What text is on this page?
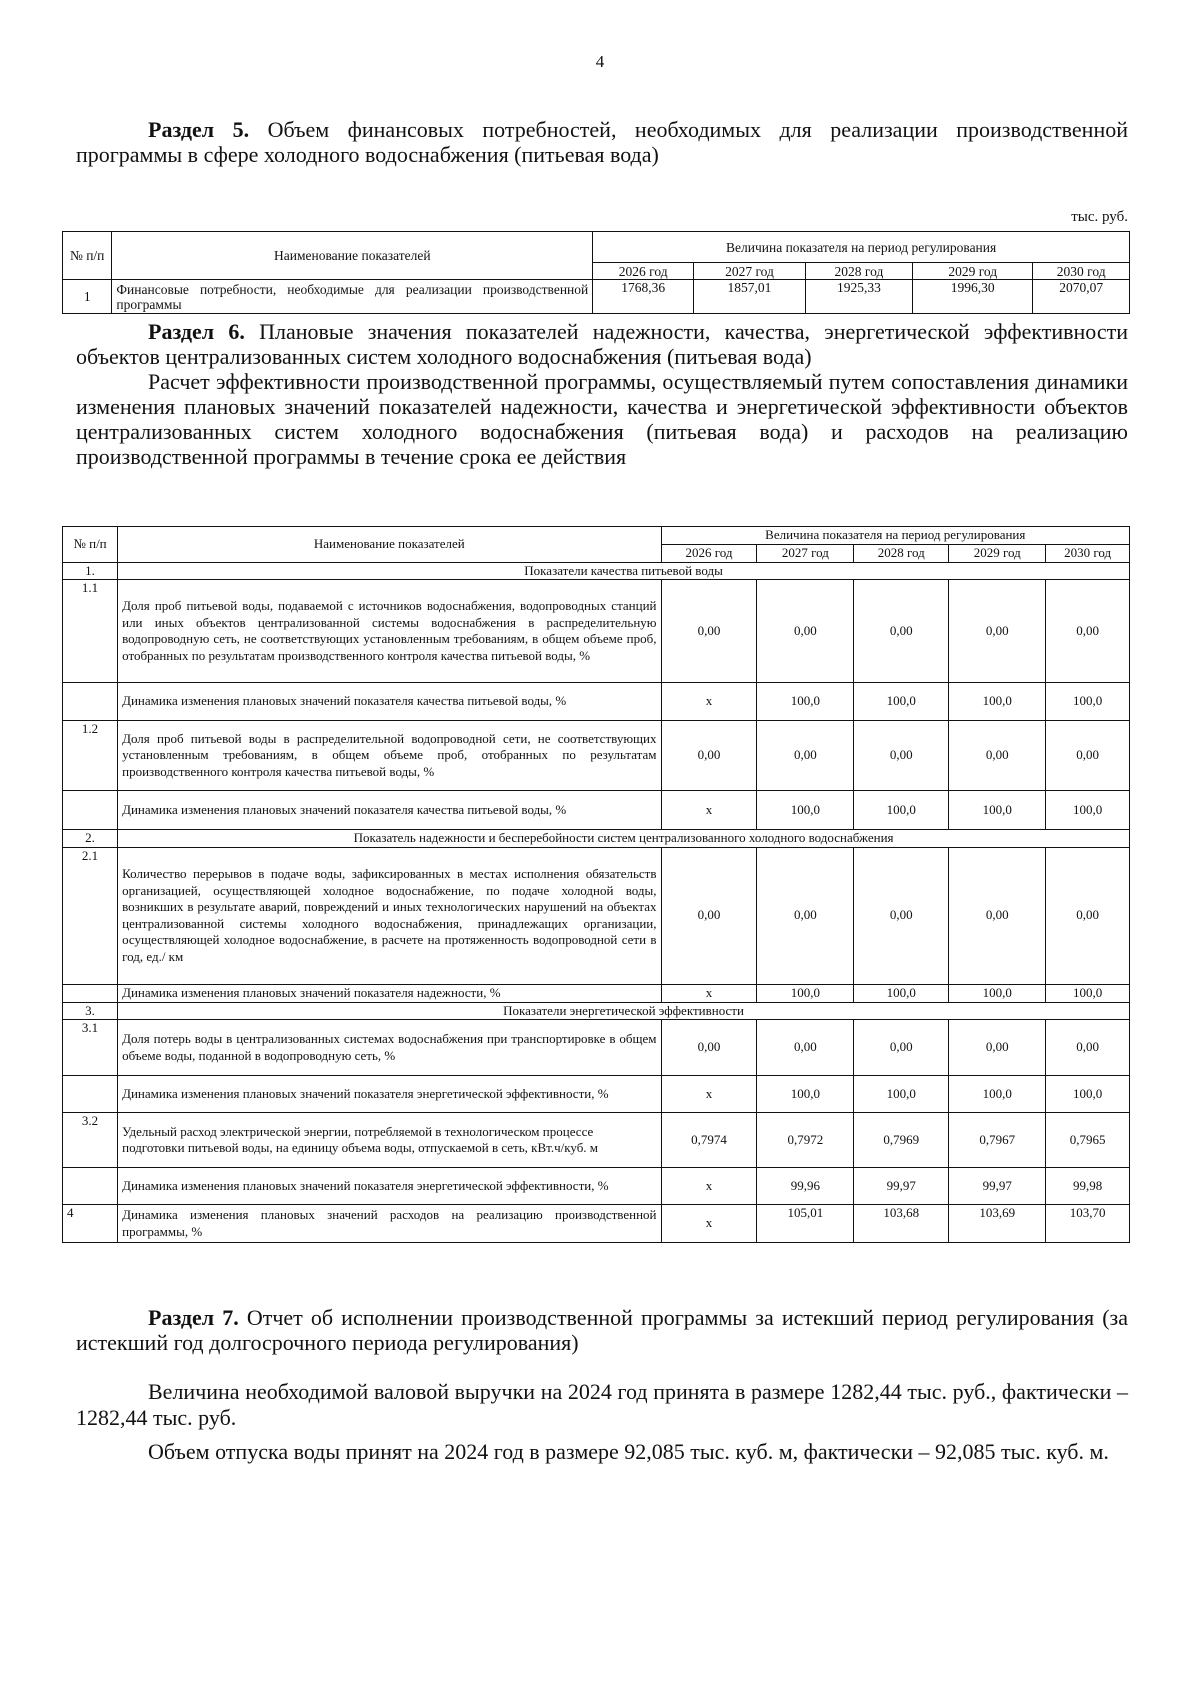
4
Раздел 5. Объем финансовых потребностей, необходимых для реализации производственной программы в сфере холодного водоснабжения (питьевая вода)
тыс. руб.
№ п/п	Наименование показателей	Величина показателя на период регулирования				
		2026 год	2027 год	2028 год	2029 год	2030 год
1	Финансовые потребности, необходимые для реализации производственной программы	1768,36	1857,01	1925,33	1996,30	2070,07
Раздел 6. Плановые значения показателей надежности, качества, энергетической эффективности объектов централизованных систем холодного водоснабжения (питьевая вода)
Расчет эффективности производственной программы, осуществляемый путем сопоставления динамики изменения плановых значений показателей надежности, качества и энергетической эффективности объектов централизованных систем холодного водоснабжения (питьевая вода) и расходов на реализацию производственной программы в течение срока ее действия
№ п/п	Наименование показателей	Величина показателя на период регулирования				
		2026 год	2027 год	2028 год	2029 год	2030 год
1.	Показатели качества питьевой воды					
1.1	Доля проб питьевой воды, подаваемой с источников водоснабжения, водопроводных станций или иных объектов централизованной системы водоснабжения в распределительную водопроводную сеть, не соответствующих установленным требованиям, в общем объеме проб, отобранных по результатам производственного контроля качества питьевой воды, %	0,00	0,00	0,00	0,00	0,00
	Динамика изменения плановых значений показателя качества питьевой воды, %	х	100,0	100,0	100,0	100,0
1.2	Доля проб питьевой воды в распределительной водопроводной сети, не соответствующих установленным требованиям, в общем объеме проб, отобранных по результатам производственного контроля качества питьевой воды, %	0,00	0,00	0,00	0,00	0,00
	Динамика изменения плановых значений показателя качества питьевой воды, %	х	100,0	100,0	100,0	100,0
2.	Показатель надежности и бесперебойности систем централизованного холодного водоснабжения					
2.1	Количество перерывов в подаче воды, зафиксированных в местах исполнения обязательств организацией, осуществляющей холодное водоснабжение, по подаче холодной воды, возникших в результате аварий, повреждений и иных технологических нарушений на объектах централизованной системы холодного водоснабжения, принадлежащих организации, осуществляющей холодное водоснабжение, в расчете на протяженность водопроводной сети в год, ед./ км	0,00	0,00	0,00	0,00	0,00
	Динамика изменения плановых значений показателя надежности, %	х	100,0	100,0	100,0	100,0
3.	Показатели энергетической эффективности					
3.1	Доля потерь воды в централизованных системах водоснабжения при транспортировке в общем объеме воды, поданной в водопроводную сеть, %	0,00	0,00	0,00	0,00	0,00
	Динамика изменения плановых значений показателя энергетической эффективности, %	х	100,0	100,0	100,0	100,0
3.2	Удельный расход электрической энергии, потребляемой в технологическом процессе подготовки питьевой воды, на единицу объема воды, отпускаемой в сеть, кВт.ч/куб. м	0,7974	0,7972	0,7969	0,7967	0,7965
	Динамика изменения плановых значений показателя энергетической эффективности, %	х	99,96	99,97	99,97	99,98
4	Динамика изменения плановых значений расходов на реализацию производственной программы, %	х	105,01	103,68	103,69	103,70
Раздел 7. Отчет об исполнении производственной программы за истекший период регулирования (за истекший год долгосрочного периода регулирования)
Величина необходимой валовой выручки на 2024 год принята в размере 1282,44 тыс. руб., фактически – 1282,44 тыс. руб.
Объем отпуска воды принят на 2024 год в размере 92,085 тыс. куб. м, фактически – 92,085 тыс. куб. м.
